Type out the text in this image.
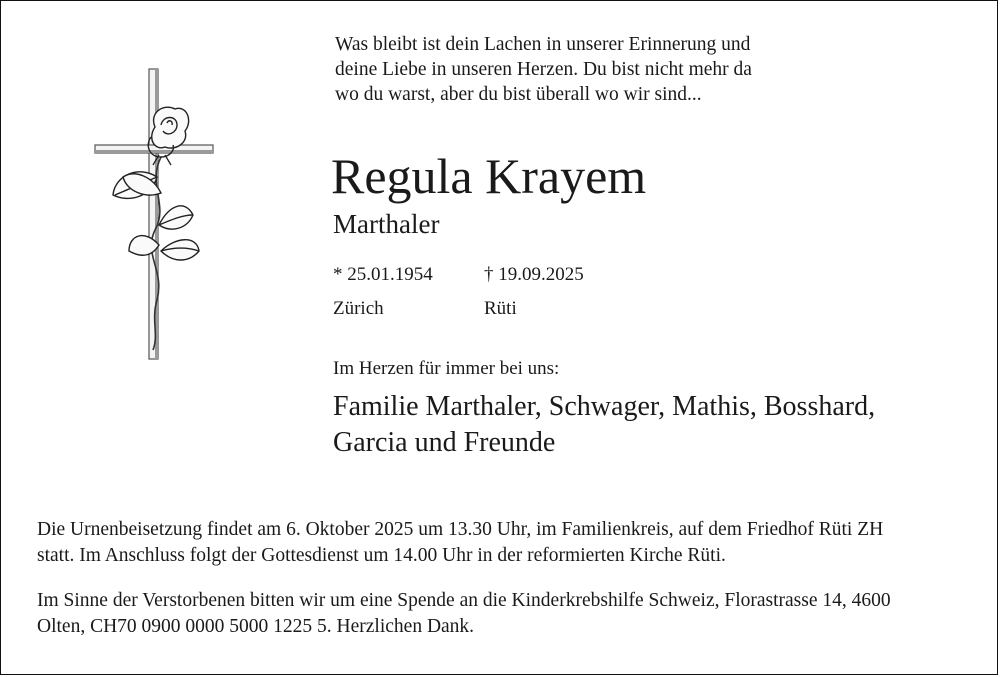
Was bleibt ist dein Lachen in unserer Erinnerung und
deine Liebe in unseren Herzen. Du bist nicht mehr da
wo du warst, aber du bist überall wo wir sind...
Regula Krayem
Marthaler
* 25.01.1954	† 19.09.2025
Zürich	Rüti
Im Herzen für immer bei uns:
Familie Marthaler, Schwager, Mathis, Bosshard,
Garcia und Freunde
Die Urnenbeisetzung findet am 6. Oktober 2025 um 13.30 Uhr, im Familienkreis, auf dem Friedhof Rüti ZH
statt. Im Anschluss folgt der Gottesdienst um 14.00 Uhr in der reformierten Kirche Rüti.
Im Sinne der Verstorbenen bitten wir um eine Spende an die Kinderkrebshilfe Schweiz, Florastrasse 14, 4600
Olten, CH70 0900 0000 5000 1225 5. Herzlichen Dank.
